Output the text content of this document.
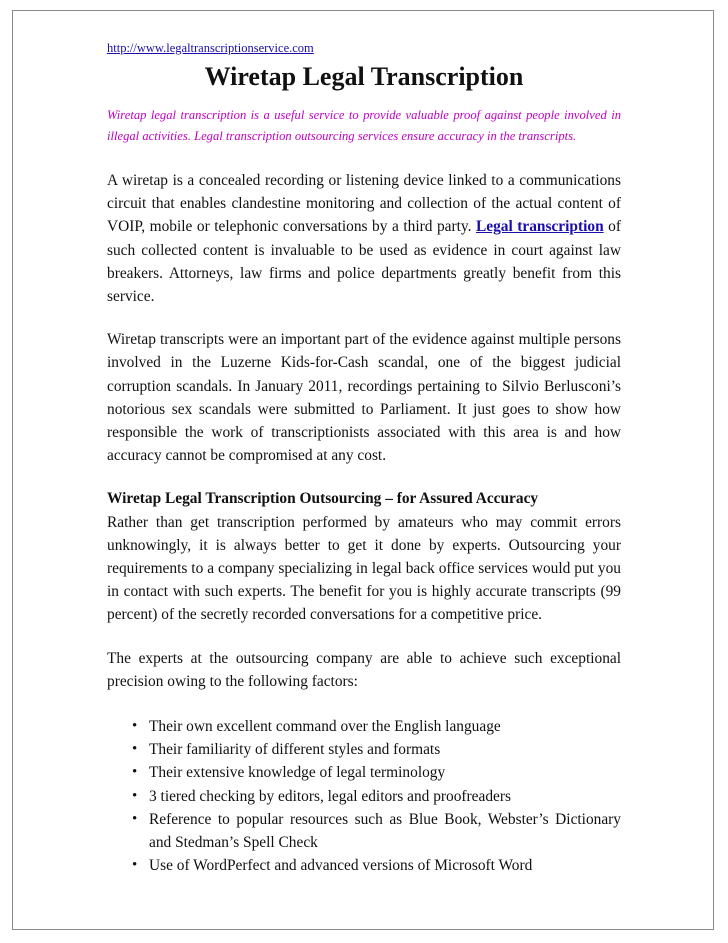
http://www.legaltranscriptionservice.com
Wiretap Legal Transcription

Wiretap legal transcription is a useful service to provide valuable proof against people involved in illegal activities. Legal transcription outsourcing services ensure accuracy in the transcripts.

A wiretap is a concealed recording or listening device linked to a communications circuit that enables clandestine monitoring and collection of the actual content of VOIP, mobile or telephonic conversations by a third party. Legal transcription of such collected content is invaluable to be used as evidence in court against law breakers. Attorneys, law firms and police departments greatly benefit from this service.

Wiretap transcripts were an important part of the evidence against multiple persons involved in the Luzerne Kids-for-Cash scandal, one of the biggest judicial corruption scandals. In January 2011, recordings pertaining to Silvio Berlusconi’s notorious sex scandals were submitted to Parliament. It just goes to show how responsible the work of transcriptionists associated with this area is and how accuracy cannot be compromised at any cost.

Wiretap Legal Transcription Outsourcing – for Assured Accuracy

Rather than get transcription performed by amateurs who may commit errors unknowingly, it is always better to get it done by experts. Outsourcing your requirements to a company specializing in legal back office services would put you in contact with such experts. The benefit for you is highly accurate transcripts (99 percent) of the secretly recorded conversations for a competitive price.

The experts at the outsourcing company are able to achieve such exceptional precision owing to the following factors:

• Their own excellent command over the English language
• Their familiarity of different styles and formats
• Their extensive knowledge of legal terminology
• 3 tiered checking by editors, legal editors and proofreaders
• Reference to popular resources such as Blue Book, Webster’s Dictionary and Stedman’s Spell Check
• Use of WordPerfect and advanced versions of Microsoft Word
